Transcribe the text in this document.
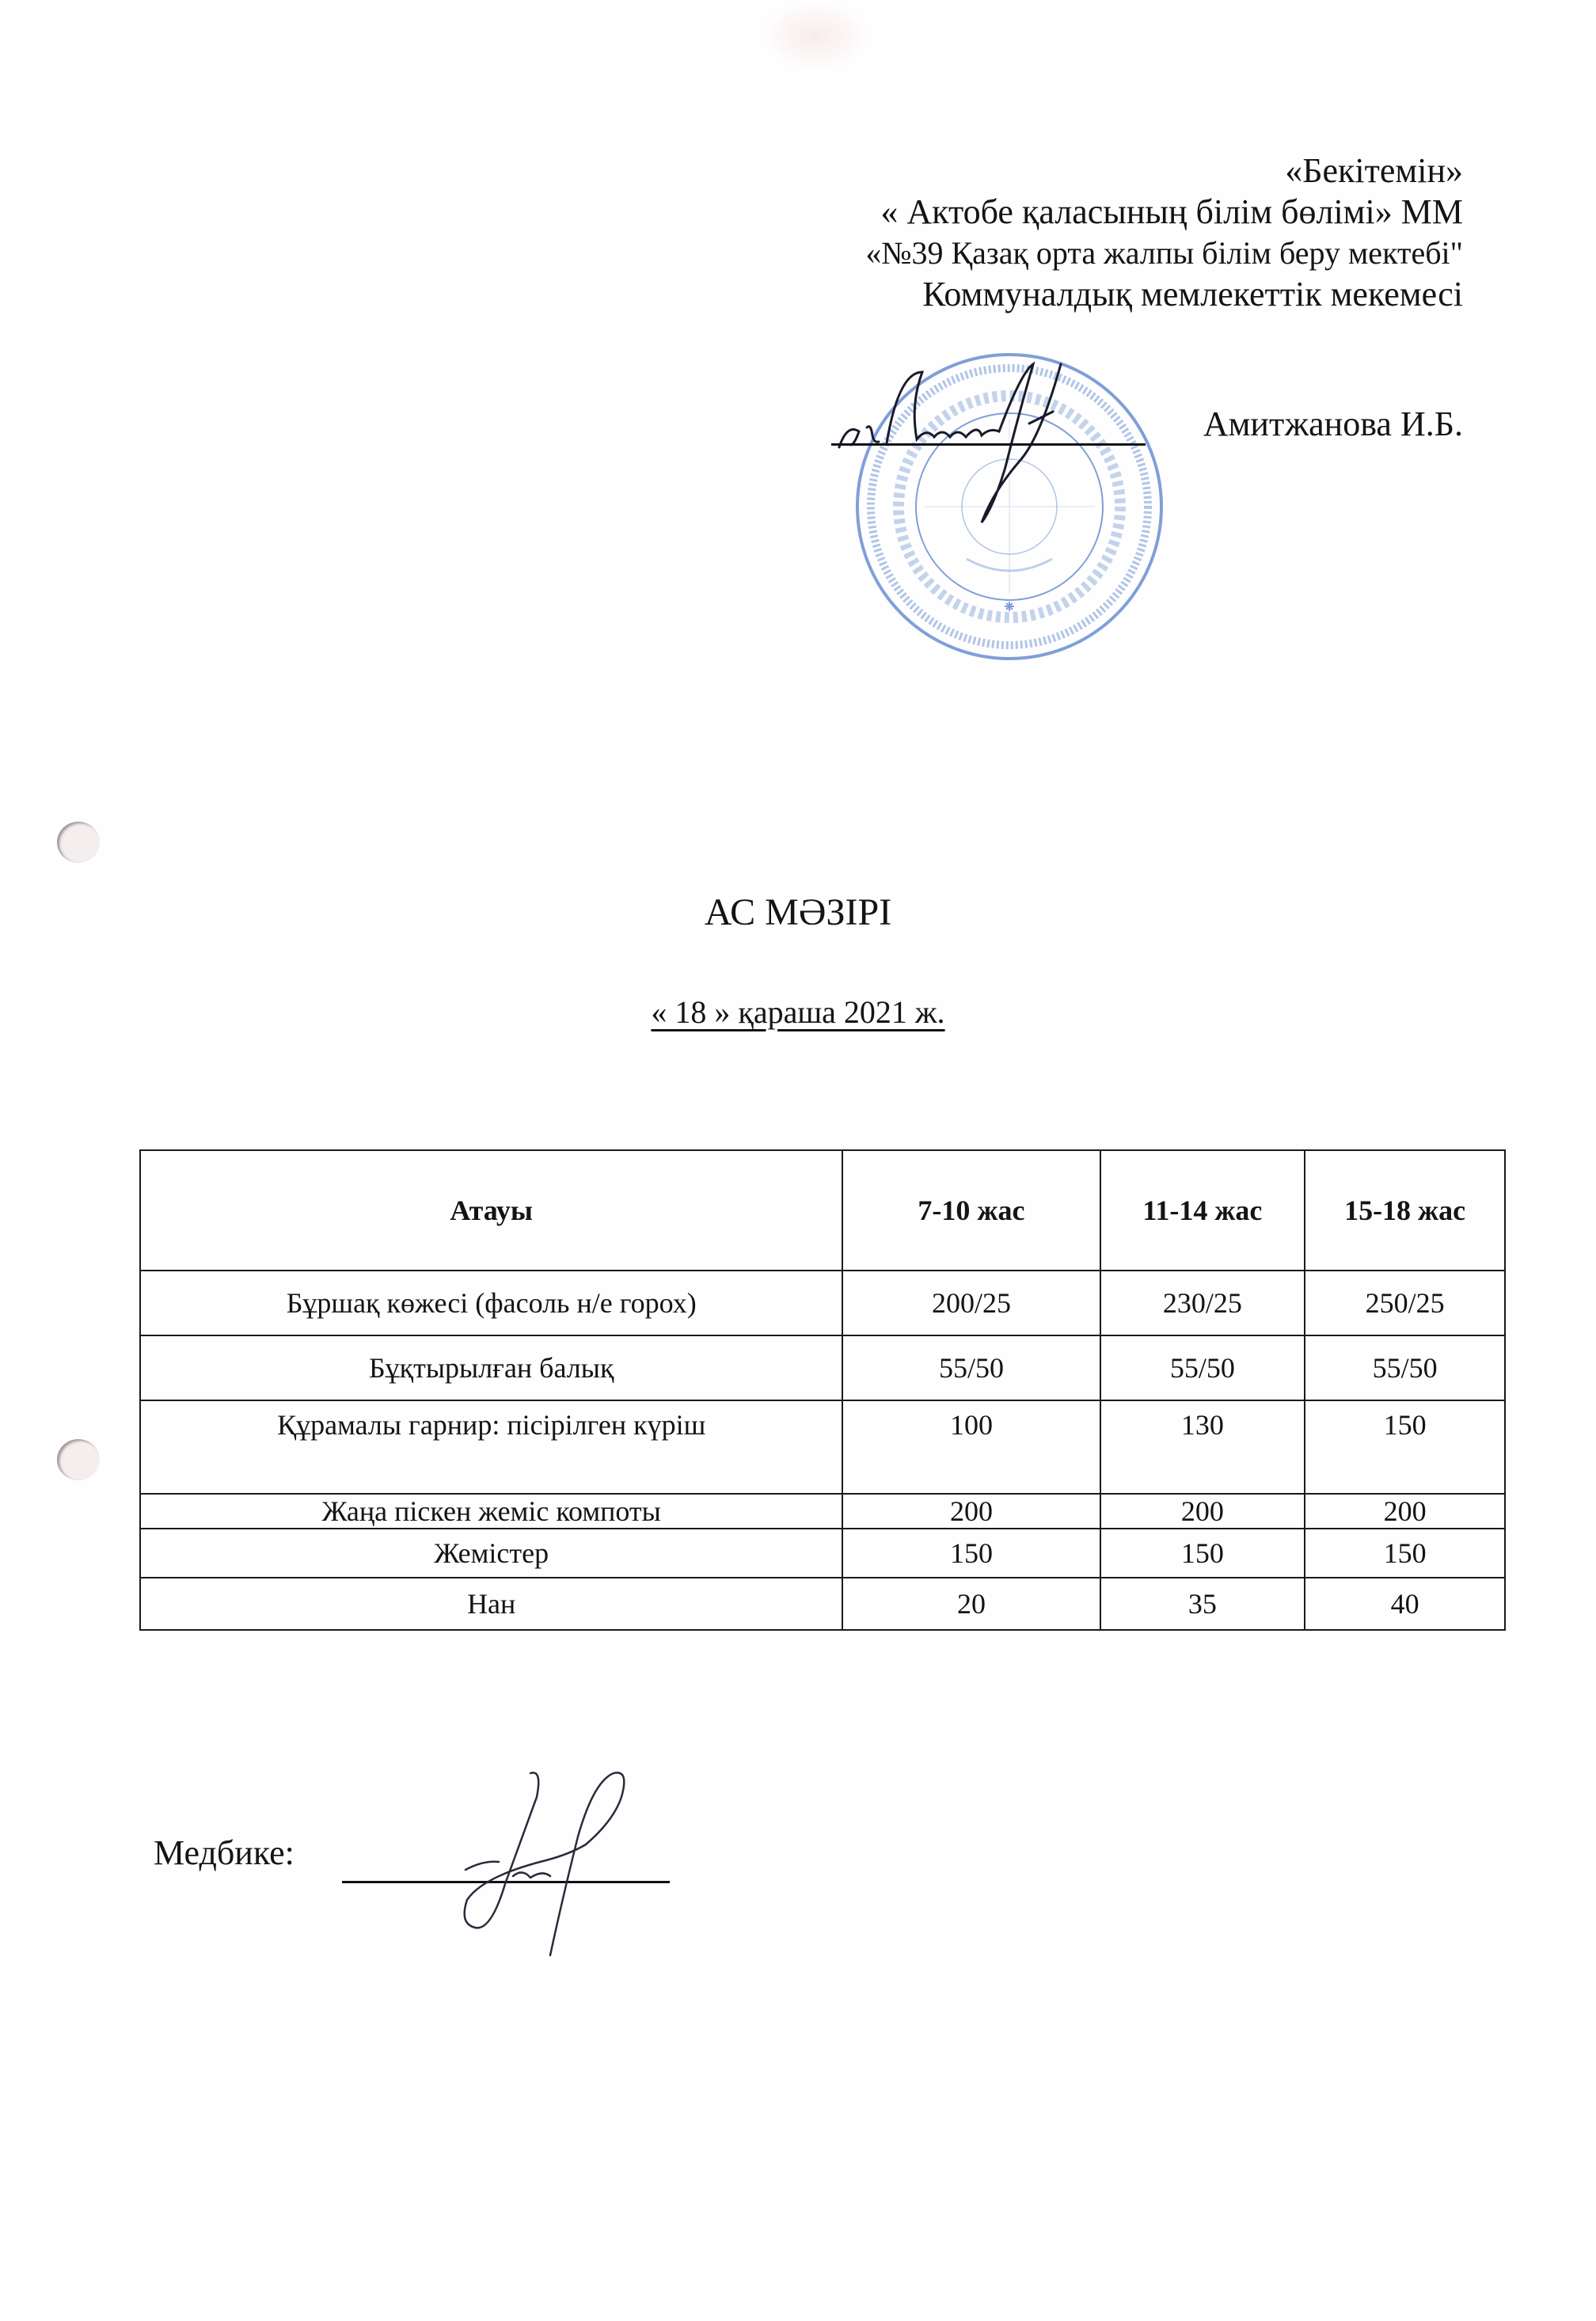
«Бекітемін»
« Актобе қаласының білім бөлімі» ММ
«№39 Қазақ орта жалпы білім беру мектебі"
Коммуналдық мемлекеттік мекемесі
Амитжанова И.Б.
АС МӘЗІРІ
« 18 » қараша 2021 ж.
Атауы	7-10 жас	11-14 жас	15-18 жас
Бұршақ көжесі (фасоль н/е горох)	200/25	230/25	250/25
Бұқтырылған балық	55/50	55/50	55/50
Құрамалы гарнир: пісірілген күріш	100	130	150
Жаңа піскен жеміс компоты	200	200	200
Жемістер	150	150	150
Нан	20	35	40
Медбике:
